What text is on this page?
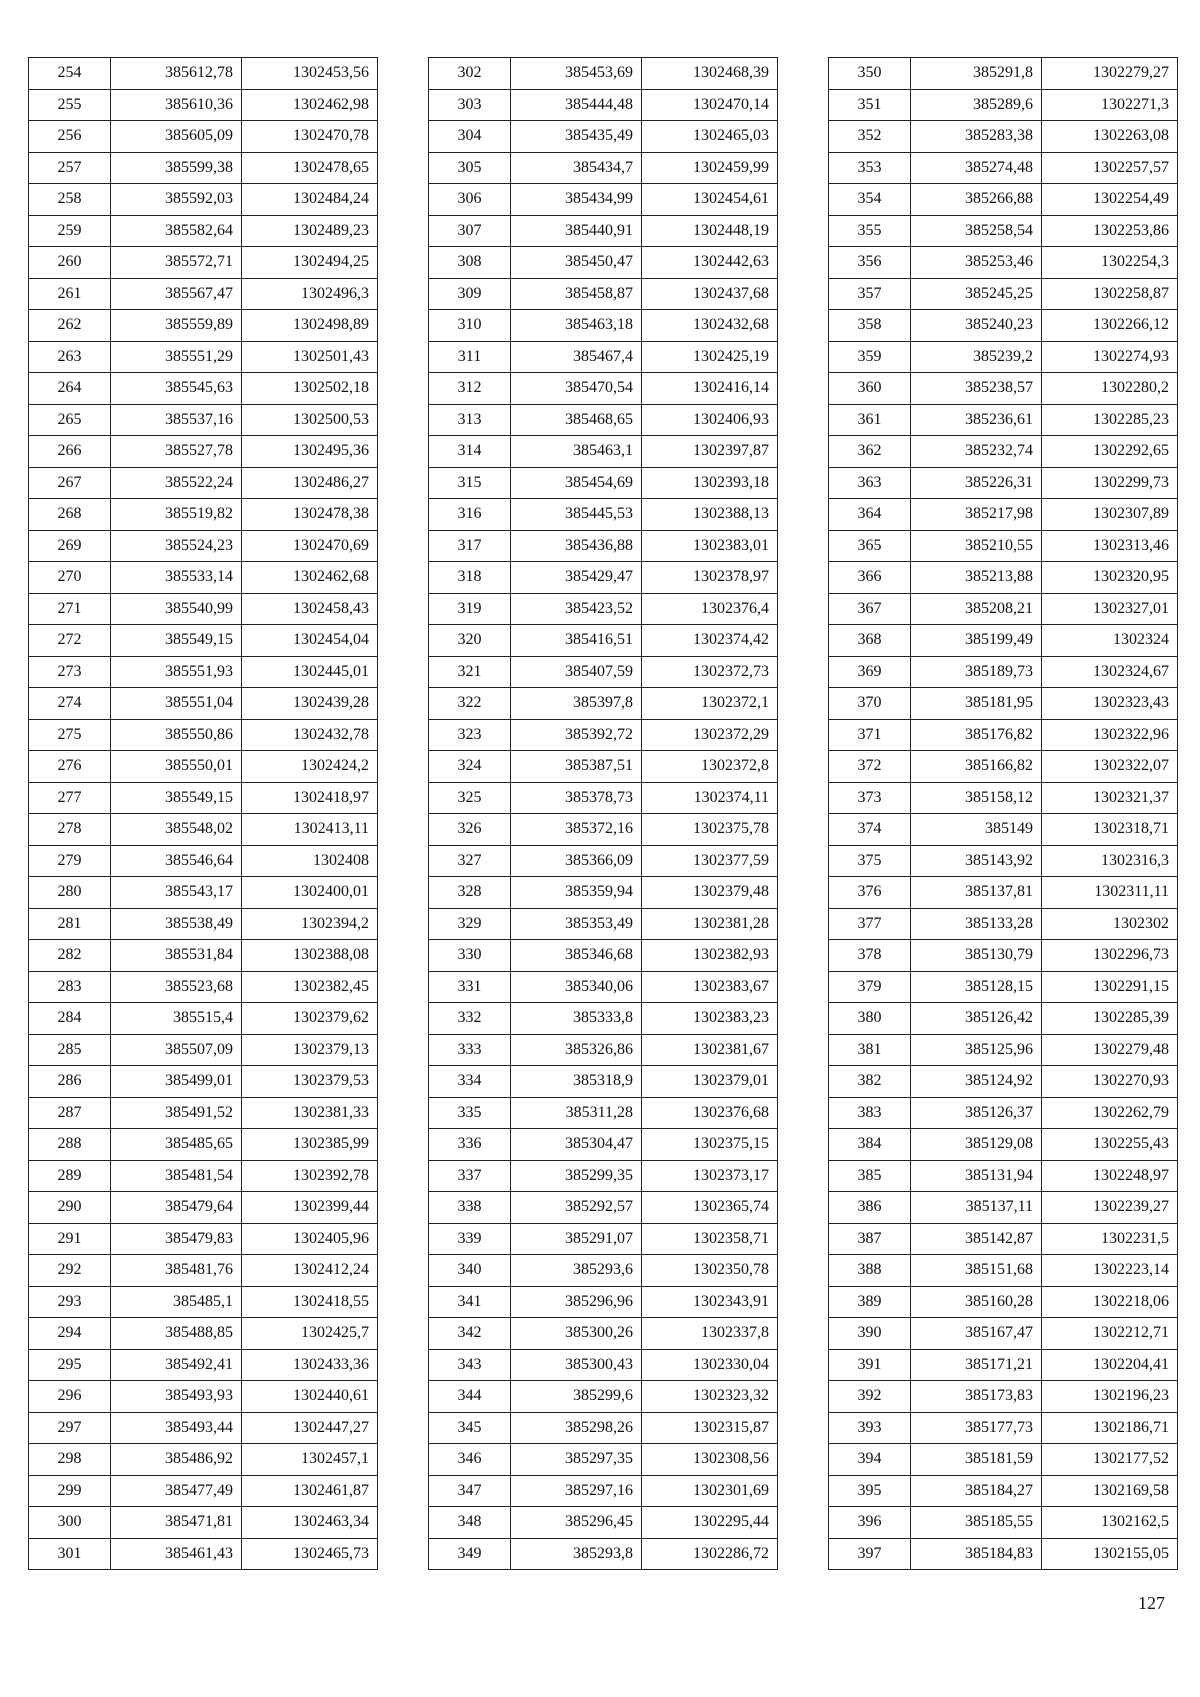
254	385612,78	1302453,56
255	385610,36	1302462,98
256	385605,09	1302470,78
257	385599,38	1302478,65
258	385592,03	1302484,24
259	385582,64	1302489,23
260	385572,71	1302494,25
261	385567,47	1302496,3
262	385559,89	1302498,89
263	385551,29	1302501,43
264	385545,63	1302502,18
265	385537,16	1302500,53
266	385527,78	1302495,36
267	385522,24	1302486,27
268	385519,82	1302478,38
269	385524,23	1302470,69
270	385533,14	1302462,68
271	385540,99	1302458,43
272	385549,15	1302454,04
273	385551,93	1302445,01
274	385551,04	1302439,28
275	385550,86	1302432,78
276	385550,01	1302424,2
277	385549,15	1302418,97
278	385548,02	1302413,11
279	385546,64	1302408
280	385543,17	1302400,01
281	385538,49	1302394,2
282	385531,84	1302388,08
283	385523,68	1302382,45
284	385515,4	1302379,62
285	385507,09	1302379,13
286	385499,01	1302379,53
287	385491,52	1302381,33
288	385485,65	1302385,99
289	385481,54	1302392,78
290	385479,64	1302399,44
291	385479,83	1302405,96
292	385481,76	1302412,24
293	385485,1	1302418,55
294	385488,85	1302425,7
295	385492,41	1302433,36
296	385493,93	1302440,61
297	385493,44	1302447,27
298	385486,92	1302457,1
299	385477,49	1302461,87
300	385471,81	1302463,34
301	385461,43	1302465,73
302	385453,69	1302468,39
303	385444,48	1302470,14
304	385435,49	1302465,03
305	385434,7	1302459,99
306	385434,99	1302454,61
307	385440,91	1302448,19
308	385450,47	1302442,63
309	385458,87	1302437,68
310	385463,18	1302432,68
311	385467,4	1302425,19
312	385470,54	1302416,14
313	385468,65	1302406,93
314	385463,1	1302397,87
315	385454,69	1302393,18
316	385445,53	1302388,13
317	385436,88	1302383,01
318	385429,47	1302378,97
319	385423,52	1302376,4
320	385416,51	1302374,42
321	385407,59	1302372,73
322	385397,8	1302372,1
323	385392,72	1302372,29
324	385387,51	1302372,8
325	385378,73	1302374,11
326	385372,16	1302375,78
327	385366,09	1302377,59
328	385359,94	1302379,48
329	385353,49	1302381,28
330	385346,68	1302382,93
331	385340,06	1302383,67
332	385333,8	1302383,23
333	385326,86	1302381,67
334	385318,9	1302379,01
335	385311,28	1302376,68
336	385304,47	1302375,15
337	385299,35	1302373,17
338	385292,57	1302365,74
339	385291,07	1302358,71
340	385293,6	1302350,78
341	385296,96	1302343,91
342	385300,26	1302337,8
343	385300,43	1302330,04
344	385299,6	1302323,32
345	385298,26	1302315,87
346	385297,35	1302308,56
347	385297,16	1302301,69
348	385296,45	1302295,44
349	385293,8	1302286,72
350	385291,8	1302279,27
351	385289,6	1302271,3
352	385283,38	1302263,08
353	385274,48	1302257,57
354	385266,88	1302254,49
355	385258,54	1302253,86
356	385253,46	1302254,3
357	385245,25	1302258,87
358	385240,23	1302266,12
359	385239,2	1302274,93
360	385238,57	1302280,2
361	385236,61	1302285,23
362	385232,74	1302292,65
363	385226,31	1302299,73
364	385217,98	1302307,89
365	385210,55	1302313,46
366	385213,88	1302320,95
367	385208,21	1302327,01
368	385199,49	1302324
369	385189,73	1302324,67
370	385181,95	1302323,43
371	385176,82	1302322,96
372	385166,82	1302322,07
373	385158,12	1302321,37
374	385149	1302318,71
375	385143,92	1302316,3
376	385137,81	1302311,11
377	385133,28	1302302
378	385130,79	1302296,73
379	385128,15	1302291,15
380	385126,42	1302285,39
381	385125,96	1302279,48
382	385124,92	1302270,93
383	385126,37	1302262,79
384	385129,08	1302255,43
385	385131,94	1302248,97
386	385137,11	1302239,27
387	385142,87	1302231,5
388	385151,68	1302223,14
389	385160,28	1302218,06
390	385167,47	1302212,71
391	385171,21	1302204,41
392	385173,83	1302196,23
393	385177,73	1302186,71
394	385181,59	1302177,52
395	385184,27	1302169,58
396	385185,55	1302162,5
397	385184,83	1302155,05
127
